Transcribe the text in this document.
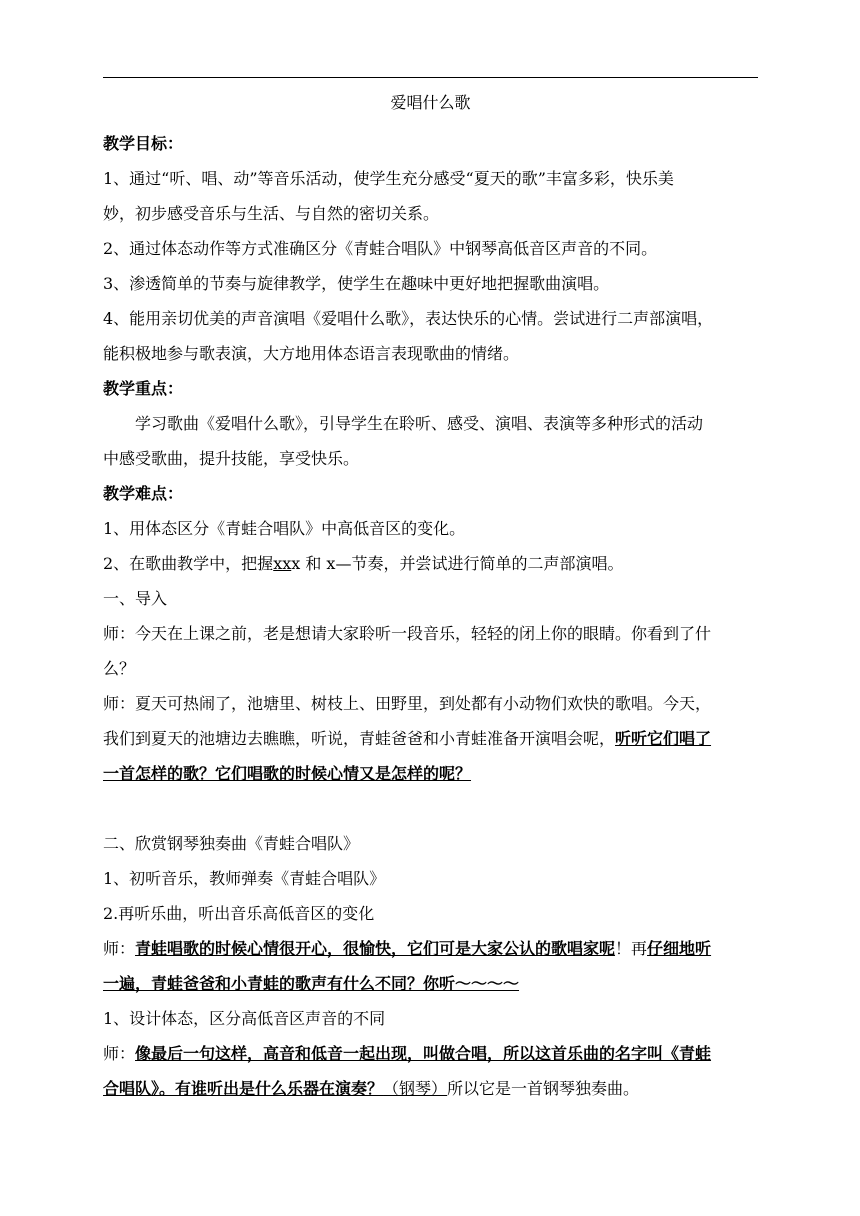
爱唱什么歌
教学目标：
1、通过“听、唱、动”等音乐活动，使学生充分感受“夏天的歌”丰富多彩，快乐美
妙，初步感受音乐与生活、与自然的密切关系。
2、通过体态动作等方式准确区分《青蛙合唱队》中钢琴高低音区声音的不同。
3、渗透简单的节奏与旋律教学，使学生在趣味中更好地把握歌曲演唱。
4、能用亲切优美的声音演唱《爱唱什么歌》，表达快乐的心情。尝试进行二声部演唱，
能积极地参与歌表演，大方地用体态语言表现歌曲的情绪。
教学重点：
学习歌曲《爱唱什么歌》，引导学生在聆听、感受、演唱、表演等多种形式的活动
中感受歌曲，提升技能，享受快乐。
教学难点：
1、用体态区分《青蛙合唱队》中高低音区的变化。
2、在歌曲教学中，把握xxx 和 x—节奏，并尝试进行简单的二声部演唱。
一、导入
师：今天在上课之前，老是想请大家聆听一段音乐，轻轻的闭上你的眼睛。你看到了什
么？
师：夏天可热闹了，池塘里、树枝上、田野里，到处都有小动物们欢快的歌唱。今天，
我们到夏天的池塘边去瞧瞧，听说，青蛙爸爸和小青蛙准备开演唱会呢，听听它们唱了
一首怎样的歌？它们唱歌的时候心情又是怎样的呢？
二、欣赏钢琴独奏曲《青蛙合唱队》
1、初听音乐，教师弹奏《青蛙合唱队》
2.再听乐曲，听出音乐高低音区的变化
师：青蛙唱歌的时候心情很开心，很愉快，它们可是大家公认的歌唱家呢！再仔细地听
一遍，青蛙爸爸和小青蛙的歌声有什么不同？你听～～～～
1、设计体态，区分高低音区声音的不同
师：像最后一句这样，高音和低音一起出现，叫做合唱，所以这首乐曲的名字叫《青蛙
合唱队》。有谁听出是什么乐器在演奏？（钢琴）所以它是一首钢琴独奏曲。
